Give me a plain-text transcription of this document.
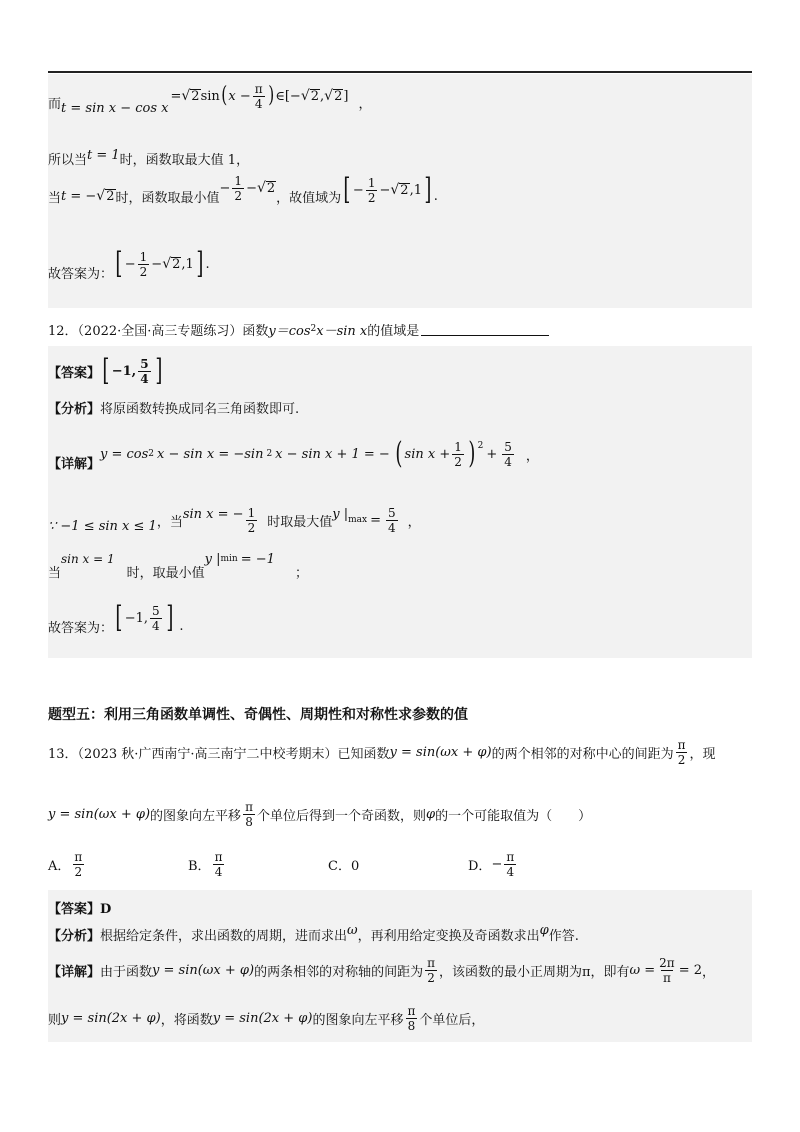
而 t = sin x − cos x
= √ 2 sin ( $x - \frac{\pi}{4}$ ) ∈[− √ 2 , √ 2 ]
，
所以当 t = 1 时，函数取最大值 1，
当 t = − √ 2 时，函数取最小值
− $\frac{1}{2}$ − √ 2
，故值域为 [ − $\frac{1}{2}$ − √ 2 ,1 ] .
故答案为： [ − $\frac{1}{2}$ − √ 2 ,1 ] .
12．（2022·全国·高三专题练习）函数 y＝cos 2 x－sin x 的值域是
【答案】 [ −1, $\frac{5}{4}$ ]
【分析】 将原函数转换成同名三角函数即可.
【详解】
y = cos 2 x − sin x = −sin 2 x − sin x + 1 = − ( $\sin x + \frac{1}{2}$ ) 2
+ $\frac{5}{4}$ ，
∵ −1 ≤ sin x ≤ 1 ，当
sin x = − $\frac{1}{2}$ 时取最大值
y | $\max = \frac{5}{4}$ ，
当
sin x = 1
时，取最小值
y | min = −1
；
故答案为： [ −1, $\frac{5}{4}$ ] .
题型五：利用三角函数单调性、奇偶性、周期性和对称性求参数的值
13．（2023 秋·广西南宁·高三南宁二中校考期末）已知函数 y = sin(ωx + φ) 的两个相邻的对称中心的间距为 $\frac{\pi}{2}$ ，现
y = sin(ωx + φ) 的图象向左平移 $\frac{\pi}{8}$ 个单位后得到一个奇函数，则 φ 的一个可能取值为（　　）
A． $\frac{\pi}{2}$	B． $\frac{\pi}{4}$	C．0	D． − $\frac{\pi}{4}$
【答案】D
【分析】 根据给定条件，求出函数的周期，进而求出 ω ，再利用给定变换及奇函数求出 φ 作答.
【详解】 由于函数 y = sin(ωx + φ) 的两条相邻的对称轴的间距为 $\frac{\pi}{2}$ ，该函数的最小正周期为π，即有 $\omega = \frac{2\pi}{\pi} = 2$ ，
则 y = sin(2x + φ) ，将函数 y = sin(2x + φ) 的图象向左平移 $\frac{\pi}{8}$ 个单位后，
